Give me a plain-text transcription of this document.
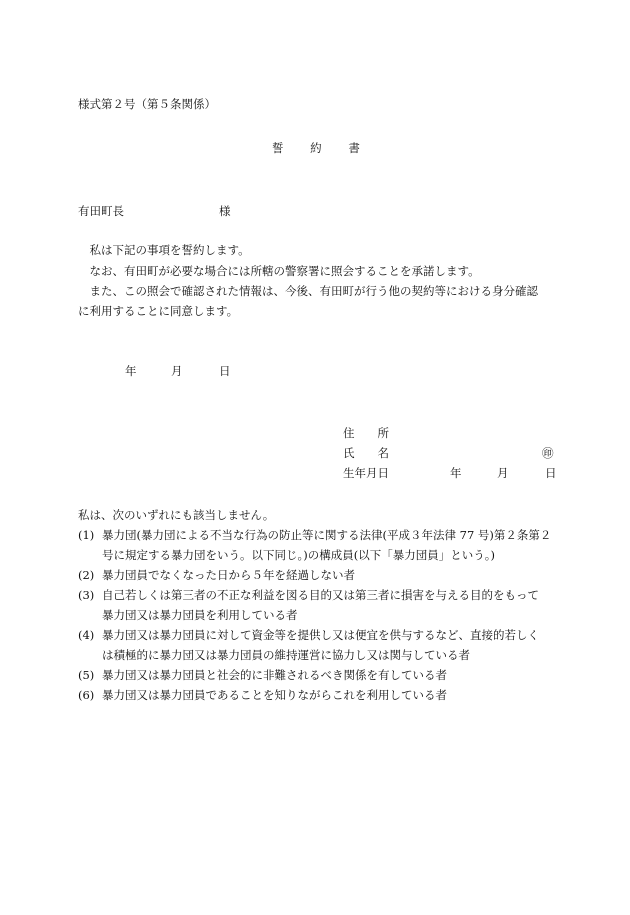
様式第２号（第５条関係）
誓 約 書
有田町長	様
　私は下記の事項を誓約します。
　なお、有田町が必要な場合には所轄の警察署に照会することを承諾します。
　また、この照会で確認された情報は、今後、有田町が行う他の契約等における身分確認
に利用することに同意します。
年	月	日
住　　所
氏　　名	㊞
生年月日	年	月	日
私は、次のいずれにも該当しません。
(1) 暴力団(暴力団による不当な行為の防止等に関する法律(平成３年法律 77 号)第２条第２
号に規定する暴力団をいう。以下同じ。)の構成員(以下「暴力団員」という。)
(2) 暴力団員でなくなった日から５年を経過しない者
(3) 自己若しくは第三者の不正な利益を図る目的又は第三者に損害を与える目的をもって
暴力団又は暴力団員を利用している者
(4) 暴力団又は暴力団員に対して資金等を提供し又は便宜を供与するなど、直接的若しく
は積極的に暴力団又は暴力団員の維持運営に協力し又は関与している者
(5) 暴力団又は暴力団員と社会的に非難されるべき関係を有している者
(6) 暴力団又は暴力団員であることを知りながらこれを利用している者
